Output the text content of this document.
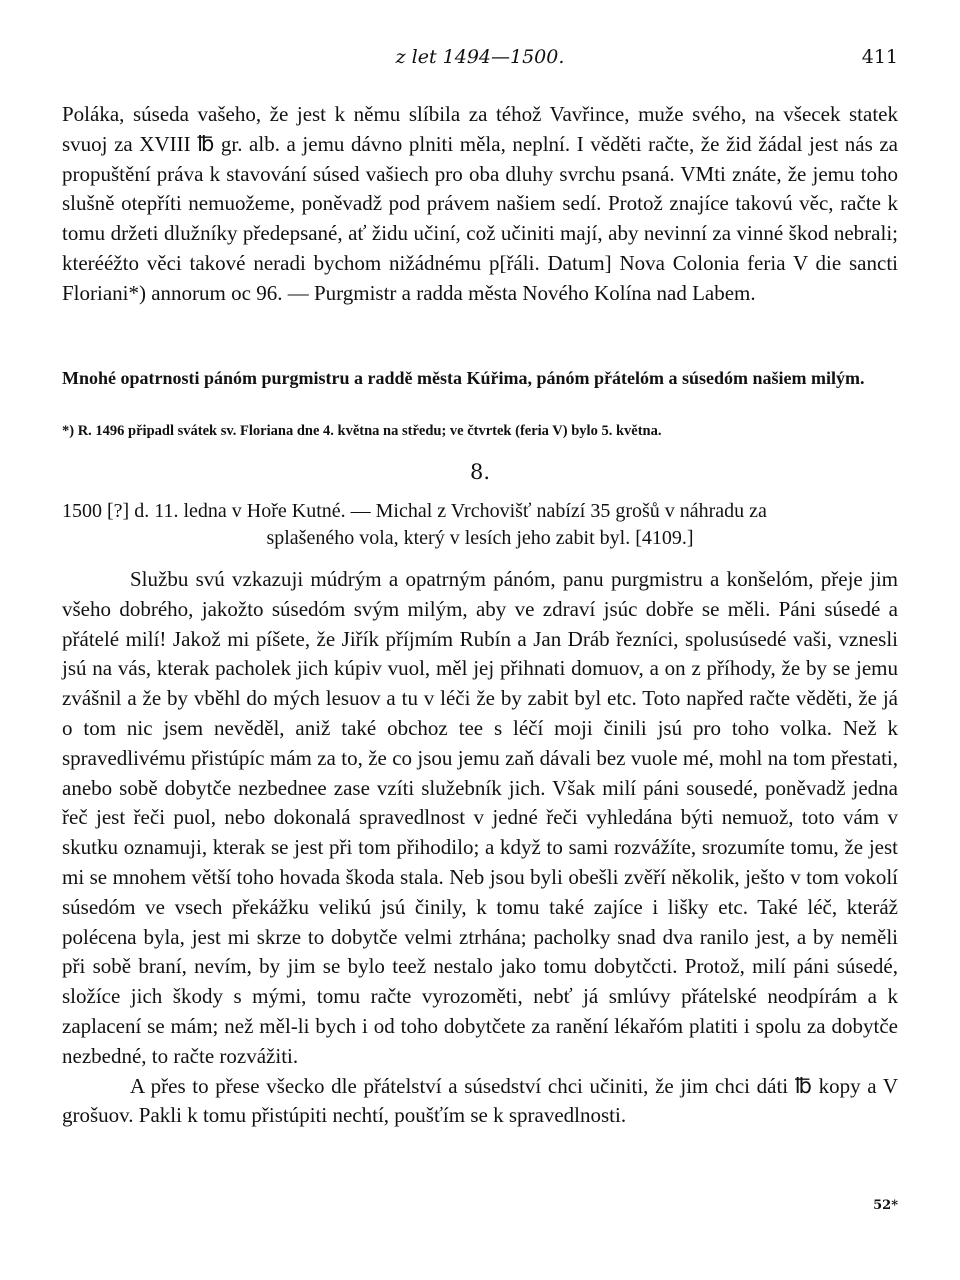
z let 1494—1500.	411

Poláka, súseda vašeho, že jest k němu slíbila za téhož Vavřince, muže svého, na všecek statek svuoj za XVIII ℔ gr. alb. a jemu dávno plniti měla, neplní. I věděti račte, že žid žádal jest nás za propuštění práva k stavování súsed vašiech pro oba dluhy svrchu psaná. VMti znáte, že jemu toho slušně otepříti nemuožeme, poněvadž pod právem našiem sedí. Protož znajíce takovú věc, račte k tomu držeti dlužníky předepsané, ať židu učiní, což učiniti mají, aby nevinní za vinné škod nebrali; kterééžto věci takové neradi bychom nižádnému p[řáli. Datum] Nova Colonia feria V die sancti Floriani*) annorum oc 96. — Purgmistr a radda města Nového Kolína nad Labem.

Mnohé opatrnosti pánóm purgmistru a raddě města Kúřima, pánóm přátelóm a súsedóm našiem milým.

*) R. 1496 připadl svátek sv. Floriana dne 4. května na středu; ve čtvrtek (feria V) bylo 5. května.

8.

1500 [?] d. 11. ledna v Hoře Kutné. — Michal z Vrchovišť nabízí 35 grošů v náhradu za

splašeného vola, který v lesích jeho zabit byl. [4109.]

Službu svú vzkazuji múdrým a opatrným pánóm, panu purgmistru a konšelóm, přeje jim všeho dobrého, jakožto súsedóm svým milým, aby ve zdraví jsúc dobře se měli. Páni súsedé a přátelé milí! Jakož mi píšete, že Jiřík příjmím Rubín a Jan Dráb řezníci, spolusúsedé vaši, vznesli jsú na vás, kterak pacholek jich kúpiv vuol, měl jej přihnati domuov, a on z příhody, že by se jemu zvášnil a že by vběhl do mých lesuov a tu v léči že by zabit byl etc. Toto napřed račte věděti, že já o tom nic jsem nevěděl, aniž také obchoz tee s léčí moji činili jsú pro toho volka. Než k spravedlivému přistúpíc mám za to, že co jsou jemu zaň dávali bez vuole mé, mohl na tom přestati, anebo sobě dobytče nezbednee zase vzíti služebník jich. Však milí páni sousedé, poněvadž jedna řeč jest řeči puol, nebo dokonalá spravedlnost v jedné řeči vyhledána býti nemuož, toto vám v skutku oznamuji, kterak se jest při tom přihodilo; a když to sami rozvážíte, srozumíte tomu, že jest mi se mnohem větší toho hovada škoda stala. Neb jsou byli obešli zvěří několik, ješto v tom vokolí súsedóm ve vsech překážku velikú jsú činily, k tomu také zajíce i lišky etc. Také léč, kteráž polécena byla, jest mi skrze to dobytče velmi ztrhána; pacholky snad dva ranilo jest, a by neměli při sobě braní, nevím, by jim se bylo teež nestalo jako tomu dobytčcti. Protož, milí páni súsedé, složíce jich škody s mými, tomu račte vyrozoměti, nebť já smlúvy přátelské neodpírám a k zaplacení se mám; než měl-li bych i od toho dobytčete za ranění lékařóm platiti i spolu za dobytče nezbedné, to račte rozvážiti.

A přes to přese všecko dle přátelství a súsedství chci učiniti, že jim chci dáti ℔ kopy a V grošuov. Pakli k tomu přistúpiti nechtí, poušťím se k spravedlnosti.

52*
